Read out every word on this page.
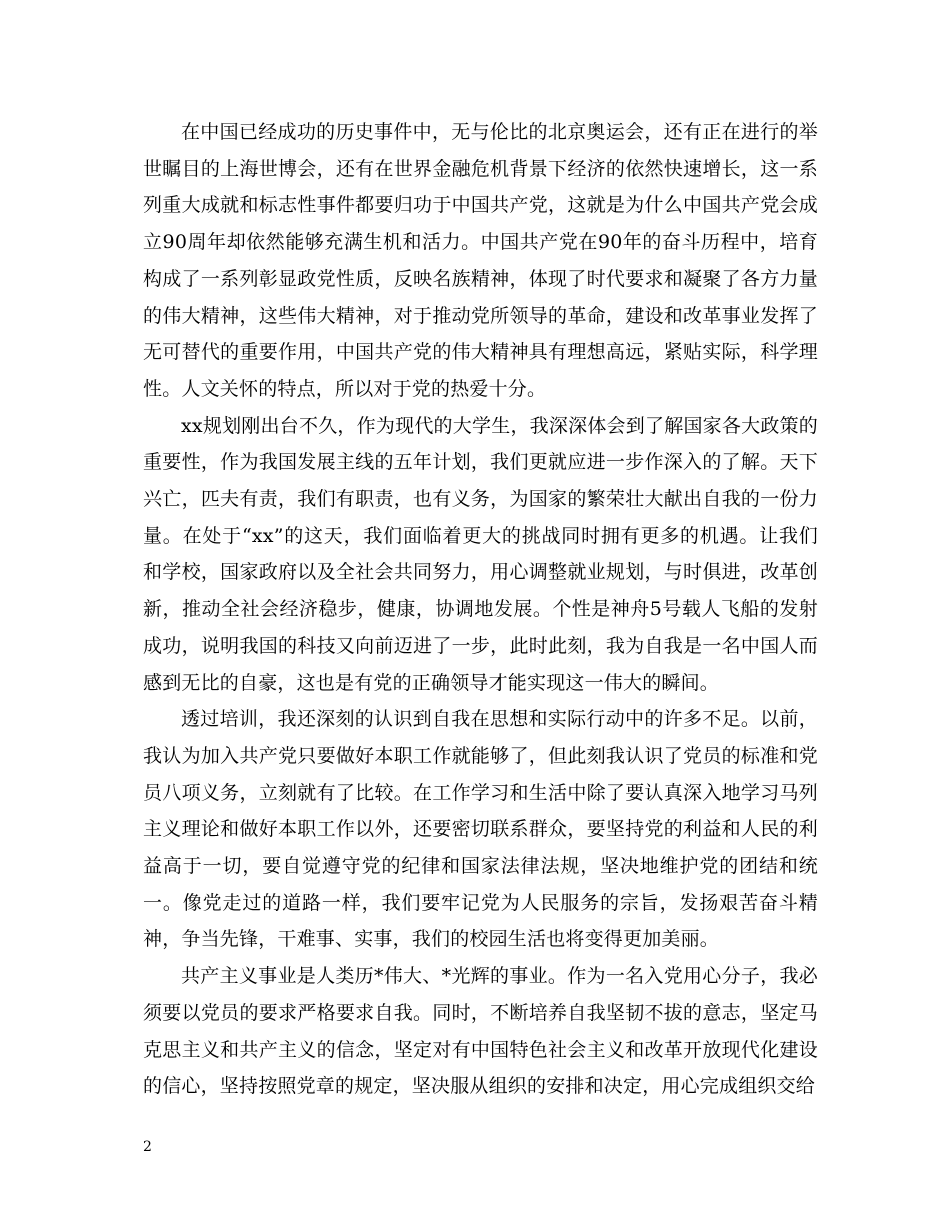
在中国已经成功的历史事件中，无与伦比的北京奥运会，还有正在进行的举世瞩目的上海世博会，还有在世界金融危机背景下经济的依然快速增长，这一系列重大成就和标志性事件都要归功于中国共产党，这就是为什么中国共产党会成立90周年却依然能够充满生机和活力。中国共产党在90年的奋斗历程中，培育构成了一系列彰显政党性质，反映名族精神，体现了时代要求和凝聚了各方力量的伟大精神，这些伟大精神，对于推动党所领导的革命，建设和改革事业发挥了无可替代的重要作用，中国共产党的伟大精神具有理想高远，紧贴实际，科学理性。人文关怀的特点，所以对于党的热爱十分。

xx规划刚出台不久，作为现代的大学生，我深深体会到了解国家各大政策的重要性，作为我国发展主线的五年计划，我们更就应进一步作深入的了解。天下兴亡，匹夫有责，我们有职责，也有义务，为国家的繁荣壮大献出自我的一份力量。在处于“xx”的这天，我们面临着更大的挑战同时拥有更多的机遇。让我们和学校，国家政府以及全社会共同努力，用心调整就业规划，与时俱进，改革创新，推动全社会经济稳步，健康，协调地发展。个性是神舟5号载人飞船的发射成功，说明我国的科技又向前迈进了一步，此时此刻，我为自我是一名中国人而感到无比的自豪，这也是有党的正确领导才能实现这一伟大的瞬间。

透过培训，我还深刻的认识到自我在思想和实际行动中的许多不足。以前，我认为加入共产党只要做好本职工作就能够了，但此刻我认识了党员的标准和党员八项义务，立刻就有了比较。在工作学习和生活中除了要认真深入地学习马列主义理论和做好本职工作以外，还要密切联系群众，要坚持党的利益和人民的利益高于一切，要自觉遵守党的纪律和国家法律法规，坚决地维护党的团结和统一。像党走过的道路一样，我们要牢记党为人民服务的宗旨，发扬艰苦奋斗精神，争当先锋，干难事、实事，我们的校园生活也将变得更加美丽。

共产主义事业是人类历*伟大、*光辉的事业。作为一名入党用心分子，我必须要以党员的要求严格要求自我。同时，不断培养自我坚韧不拔的意志，坚定马克思主义和共产主义的信念，坚定对有中国特色社会主义和改革开放现代化建设的信心，坚持按照党章的规定，坚决服从组织的安排和决定，用心完成组织交给

2
